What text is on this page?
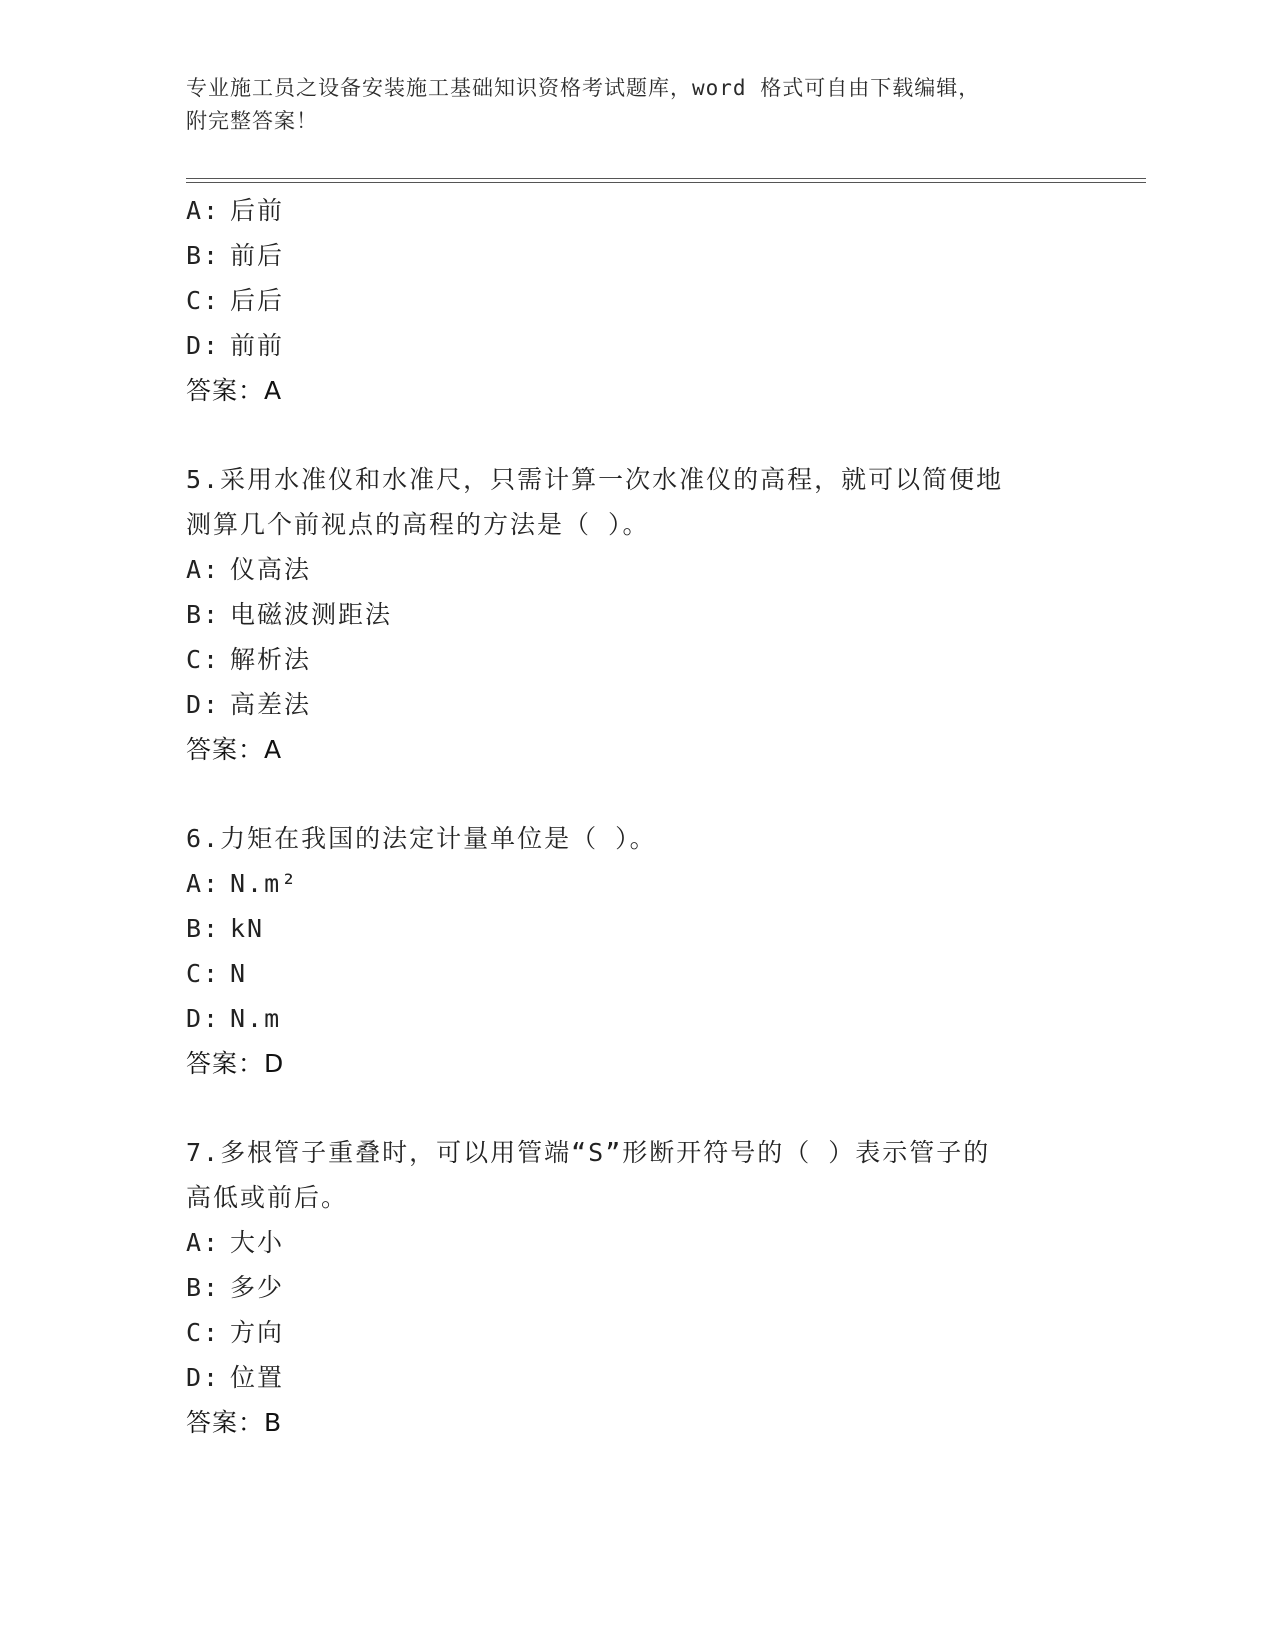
专业施工员之设备安装施工基础知识资格考试题库，word 格式可自由下载编辑，
附完整答案！
A: 后前
B: 前后
C: 后后
D: 前前
答案：A
5.采用水准仪和水准尺，只需计算一次水准仪的高程，就可以简便地
测算几个前视点的高程的方法是（ ）。
A: 仪高法
B: 电磁波测距法
C: 解析法
D: 高差法
答案：A
6.力矩在我国的法定计量单位是（ ）。
A: N.m²
B: kN
C: N
D: N.m
答案：D
7.多根管子重叠时，可以用管端“S”形断开符号的（ ）表示管子的
高低或前后。
A: 大小
B: 多少
C: 方向
D: 位置
答案：B
